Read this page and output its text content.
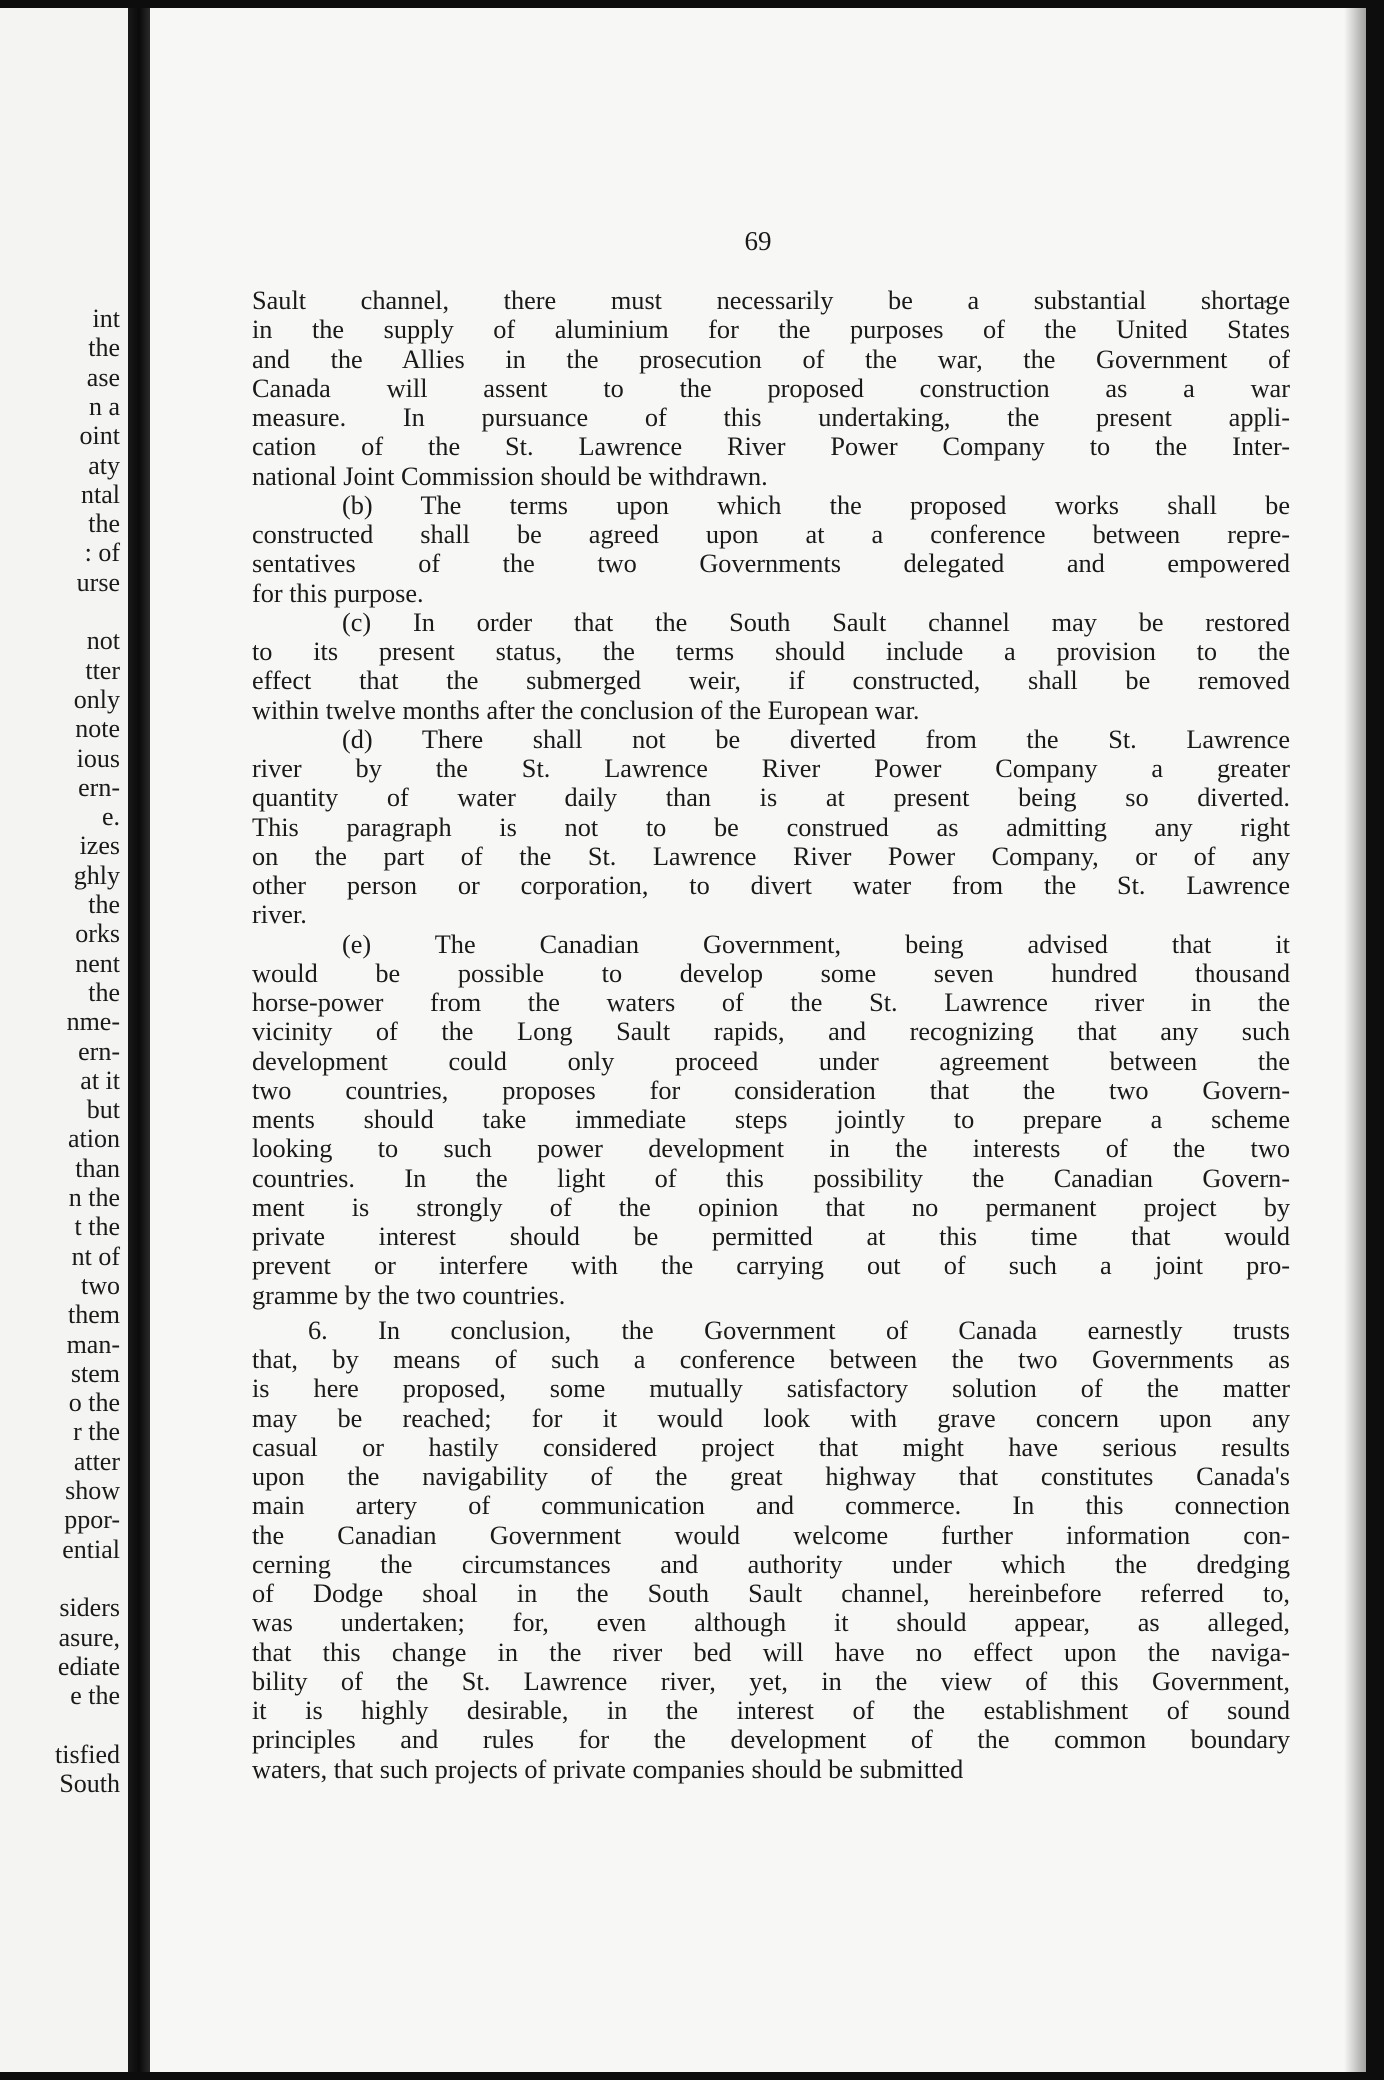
int
the
ase
n a
oint
aty
ntal
the
: of
urse
not
tter
only
note
ious
ern-
e.
izes
ghly
the
orks
nent
the
nme-
ern-
at it
but
ation
than
n the
t the
nt of
two
them
man-
stem
o the
r the
atter
show
ppor-
ential
siders
asure,
ediate
e the
tisfied
South
69

Sault channel, there must necessarily be a substantial shortage
in the supply of aluminium for the purposes of the United States
and the Allies in the prosecution of the war, the Government of
Canada will assent to the proposed construction as a war
measure. In pursuance of this undertaking, the present appli-
cation of the St. Lawrence River Power Company to the Inter-
national Joint Commission should be withdrawn.

(b) The terms upon which the proposed works shall be
constructed shall be agreed upon at a conference between repre-
sentatives of the two Governments delegated and empowered
for this purpose.

(c) In order that the South Sault channel may be restored
to its present status, the terms should include a provision to the
effect that the submerged weir, if constructed, shall be removed
within twelve months after the conclusion of the European war.

(d) There shall not be diverted from the St. Lawrence
river by the St. Lawrence River Power Company a greater
quantity of water daily than is at present being so diverted.
This paragraph is not to be construed as admitting any right
on the part of the St. Lawrence River Power Company, or of any
other person or corporation, to divert water from the St. Lawrence
river.

(e) The Canadian Government, being advised that it
would be possible to develop some seven hundred thousand
horse-power from the waters of the St. Lawrence river in the
vicinity of the Long Sault rapids, and recognizing that any such
development could only proceed under agreement between the
two countries, proposes for consideration that the two Govern-
ments should take immediate steps jointly to prepare a scheme
looking to such power development in the interests of the two
countries. In the light of this possibility the Canadian Govern-
ment is strongly of the opinion that no permanent project by
private interest should be permitted at this time that would
prevent or interfere with the carrying out of such a joint pro-
gramme by the two countries.

6. In conclusion, the Government of Canada earnestly trusts
that, by means of such a conference between the two Governments as
is here proposed, some mutually satisfactory solution of the matter
may be reached; for it would look with grave concern upon any
casual or hastily considered project that might have serious results
upon the navigability of the great highway that constitutes Canada's
main artery of communication and commerce. In this connection
the Canadian Government would welcome further information con-
cerning the circumstances and authority under which the dredging
of Dodge shoal in the South Sault channel, hereinbefore referred to,
was undertaken; for, even although it should appear, as alleged,
that this change in the river bed will have no effect upon the naviga-
bility of the St. Lawrence river, yet, in the view of this Government,
it is highly desirable, in the interest of the establishment of sound
principles and rules for the development of the common boundary
waters, that such projects of private companies should be submitted
